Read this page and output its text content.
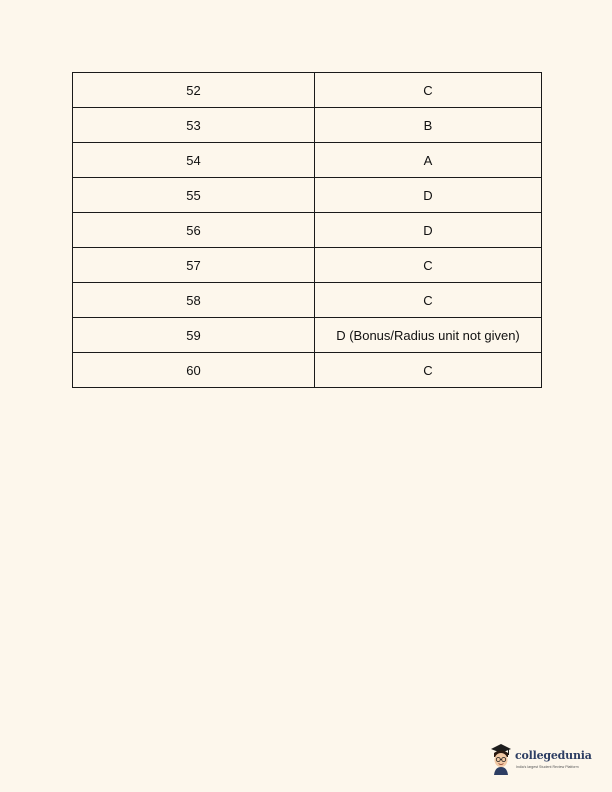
52	C
53	B
54	A
55	D
56	D
57	C
58	C
59	D (Bonus/Radius unit not given)
60	C
collegedunia
India's largest Student Review Platform
